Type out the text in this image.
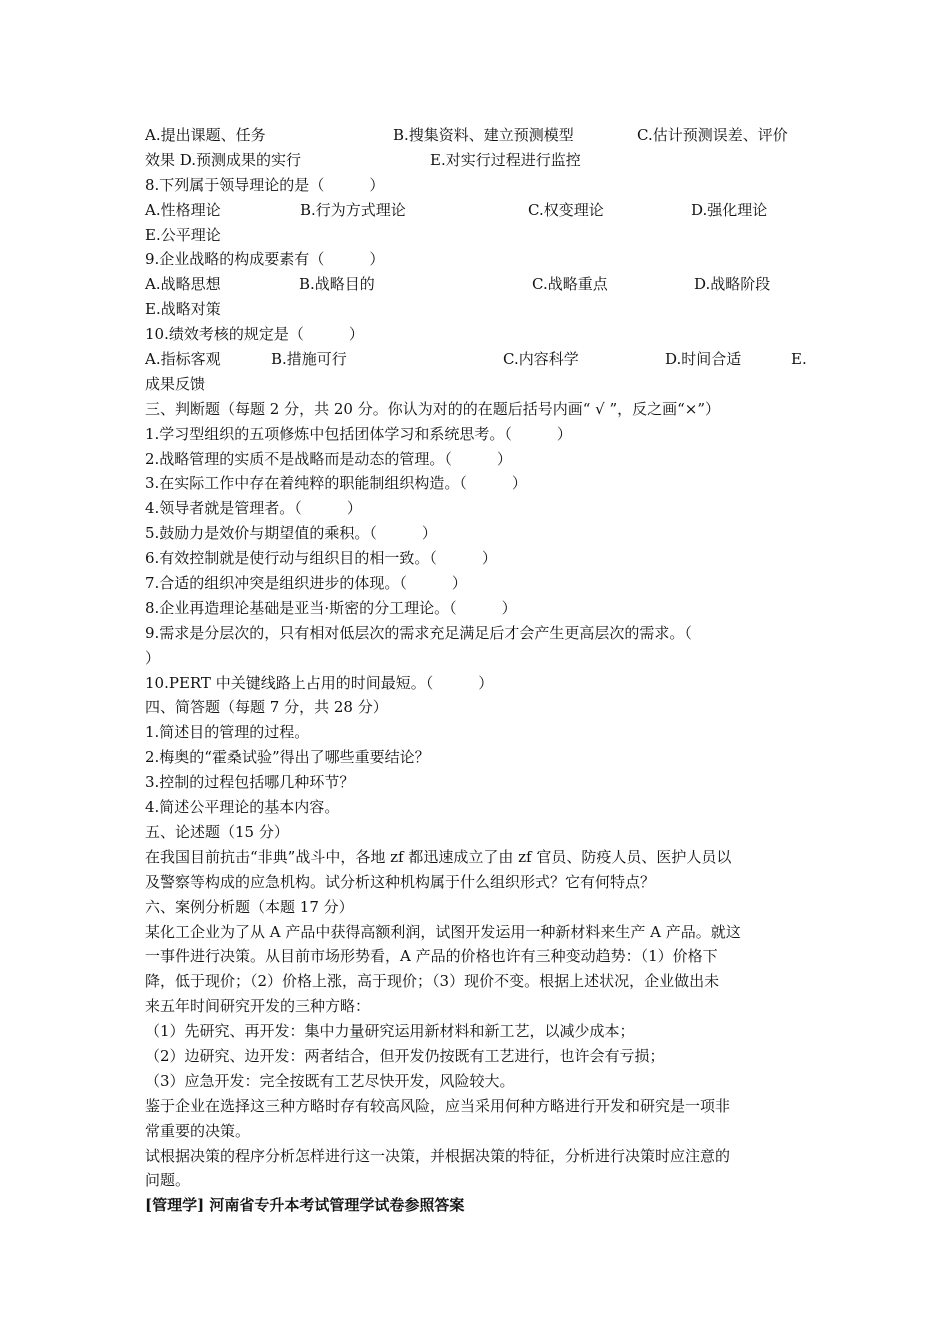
A.提出课题、任务	B.搜集资料、建立预测模型	C.估计预测误差、评价
效果 D.预测成果的实行	E.对实行过程进行监控
8.下列属于领导理论的是（　　　）
A.性格理论	B.行为方式理论	C.权变理论	D.强化理论
E.公平理论
9.企业战略的构成要素有（　　　）
A.战略思想	B.战略目的	C.战略重点	D.战略阶段
E.战略对策
10.绩效考核的规定是（　　　）
A.指标客观	B.措施可行	C.内容科学	D.时间合适	E.
成果反馈
三、判断题（每题 2 分，共 20 分。你认为对的的在题后括号内画“ √ ”，反之画“×”）
1.学习型组织的五项修炼中包括团体学习和系统思考。（　　　）
2.战略管理的实质不是战略而是动态的管理。（　　　）
3.在实际工作中存在着纯粹的职能制组织构造。（　　　）
4.领导者就是管理者。（　　　）
5.鼓励力是效价与期望值的乘积。（　　　）
6.有效控制就是使行动与组织目的相一致。（　　　）
7.合适的组织冲突是组织进步的体现。（　　　）
8.企业再造理论基础是亚当·斯密的分工理论。（　　　）
9.需求是分层次的，只有相对低层次的需求充足满足后才会产生更高层次的需求。（
）
10.PERT 中关键线路上占用的时间最短。（　　　）
四、简答题（每题 7 分，共 28 分）
1.简述目的管理的过程。
2.梅奥的“霍桑试验”得出了哪些重要结论？
3.控制的过程包括哪几种环节？
4.简述公平理论的基本内容。
五、论述题（15 分）
在我国目前抗击“非典”战斗中，各地 zf 都迅速成立了由 zf 官员、防疫人员、医护人员以
及警察等构成的应急机构。试分析这种机构属于什么组织形式？它有何特点？
六、案例分析题（本题 17 分）
某化工企业为了从 A 产品中获得高额利润，试图开发运用一种新材料来生产 A 产品。就这
一事件进行决策。从目前市场形势看，A 产品的价格也许有三种变动趋势：（1）价格下
降，低于现价；（2）价格上涨，高于现价；（3）现价不变。根据上述状况，企业做出未
来五年时间研究开发的三种方略：
（1）先研究、再开发：集中力量研究运用新材料和新工艺，以减少成本；
（2）边研究、边开发：两者结合，但开发仍按既有工艺进行，也许会有亏损；
（3）应急开发：完全按既有工艺尽快开发，风险较大。
鉴于企业在选择这三种方略时存有较高风险，应当采用何种方略进行开发和研究是一项非
常重要的决策。
试根据决策的程序分析怎样进行这一决策，并根据决策的特征，分析进行决策时应注意的
问题。
[管理学] 河南省专升本考试管理学试卷参照答案
